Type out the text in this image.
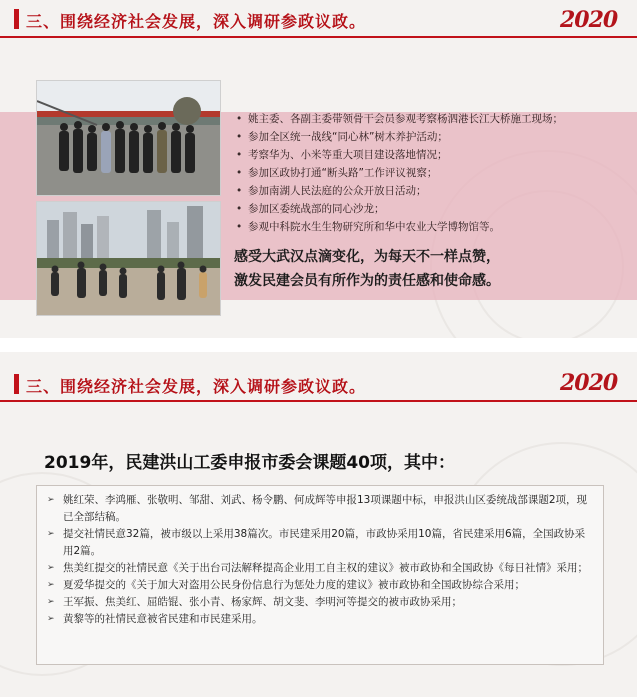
三、围绕经济社会发展，深入调研参政议政。	2020
• 姚主委、各副主委带领骨干会员参观考察杨泗港长江大桥施工现场；
• 参加全区统一战线“同心林”树木养护活动；
• 考察华为、小米等重大项目建设落地情况；
• 参加区政协打通“断头路”工作评议视察；
• 参加南湖人民法庭的公众开放日活动；
• 参加区委统战部的同心沙龙；
• 参观中科院水生生物研究所和华中农业大学博物馆等。
感受大武汉点滴变化，为每天不一样点赞，
激发民建会员有所作为的责任感和使命感。
三、围绕经济社会发展，深入调研参政议政。	2020
2019年，民建洪山工委申报市委会课题40项，其中：
➢ 姚红荣、李鸿雁、张敬明、邹甜、刘武、杨令鹏、何成辉等申报13项课题中标，申报洪山区委统战部课题2项，现已全部结稿。
➢ 提交社情民意32篇，被市级以上采用38篇次。市民建采用20篇，市政协采用10篇，省民建采用6篇，全国政协采用2篇。
➢ 焦美红提交的社情民意《关于出台司法解释提高企业用工自主权的建议》被市政协和全国政协《每日社情》采用；
➢ 夏爱华提交的《关于加大对盗用公民身份信息行为惩处力度的建议》被市政协和全国政协综合采用；
➢ 王军振、焦美红、屈皓锟、张小青、杨家辉、胡文斐、李明河等提交的被市政协采用；
➢ 黄黎等的社情民意被省民建和市民建采用。
